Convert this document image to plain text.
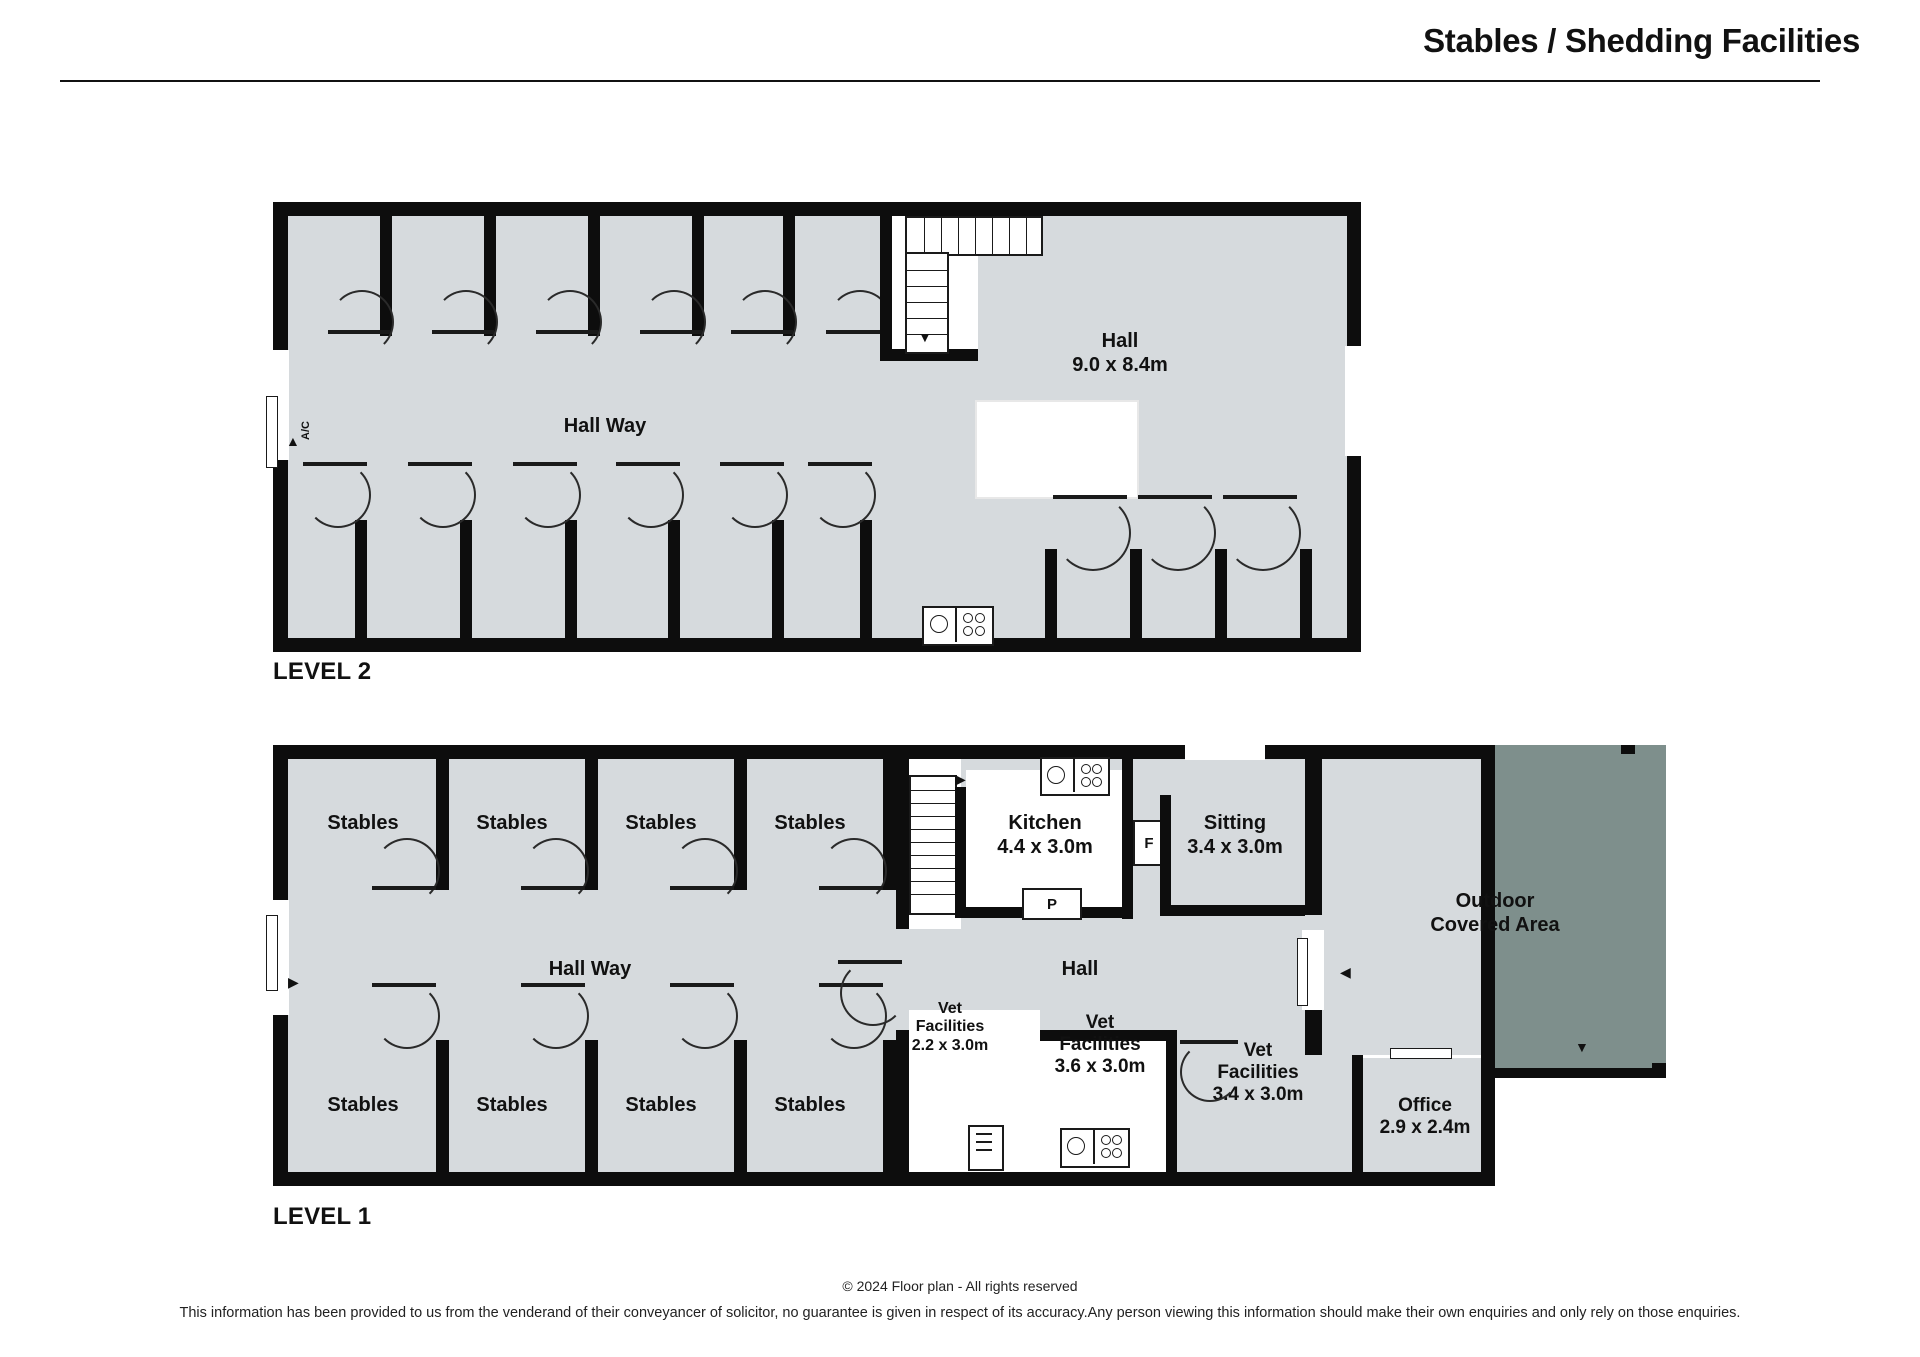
Stables / Shedding Facilities
▼
A/C
▲
Hall Way
Hall
9.0 x 8.4m
LEVEL 2
▼
▶
▶
F
P
Kitchen
4.4 x 3.0m
Sitting
3.4 x 3.0m
Hall
Hall Way	◀
Vet
Facilities
2.2 x 3.0m
Vet
Facilities
3.6 x 3.0m
Vet
Facilities
3.4 x 3.0m
Office
2.9 x 2.4m
Outdoor
Covered Area
Stables	Stables	Stables	Stables
Stables	Stables	Stables	Stables
LEVEL 1
© 2024 Floor plan - All rights reserved
This information has been provided to us from the venderand of their conveyancer of solicitor, no guarantee is given in respect of its accuracy.Any person viewing this information should make their own enquiries and only rely on those enquiries.
